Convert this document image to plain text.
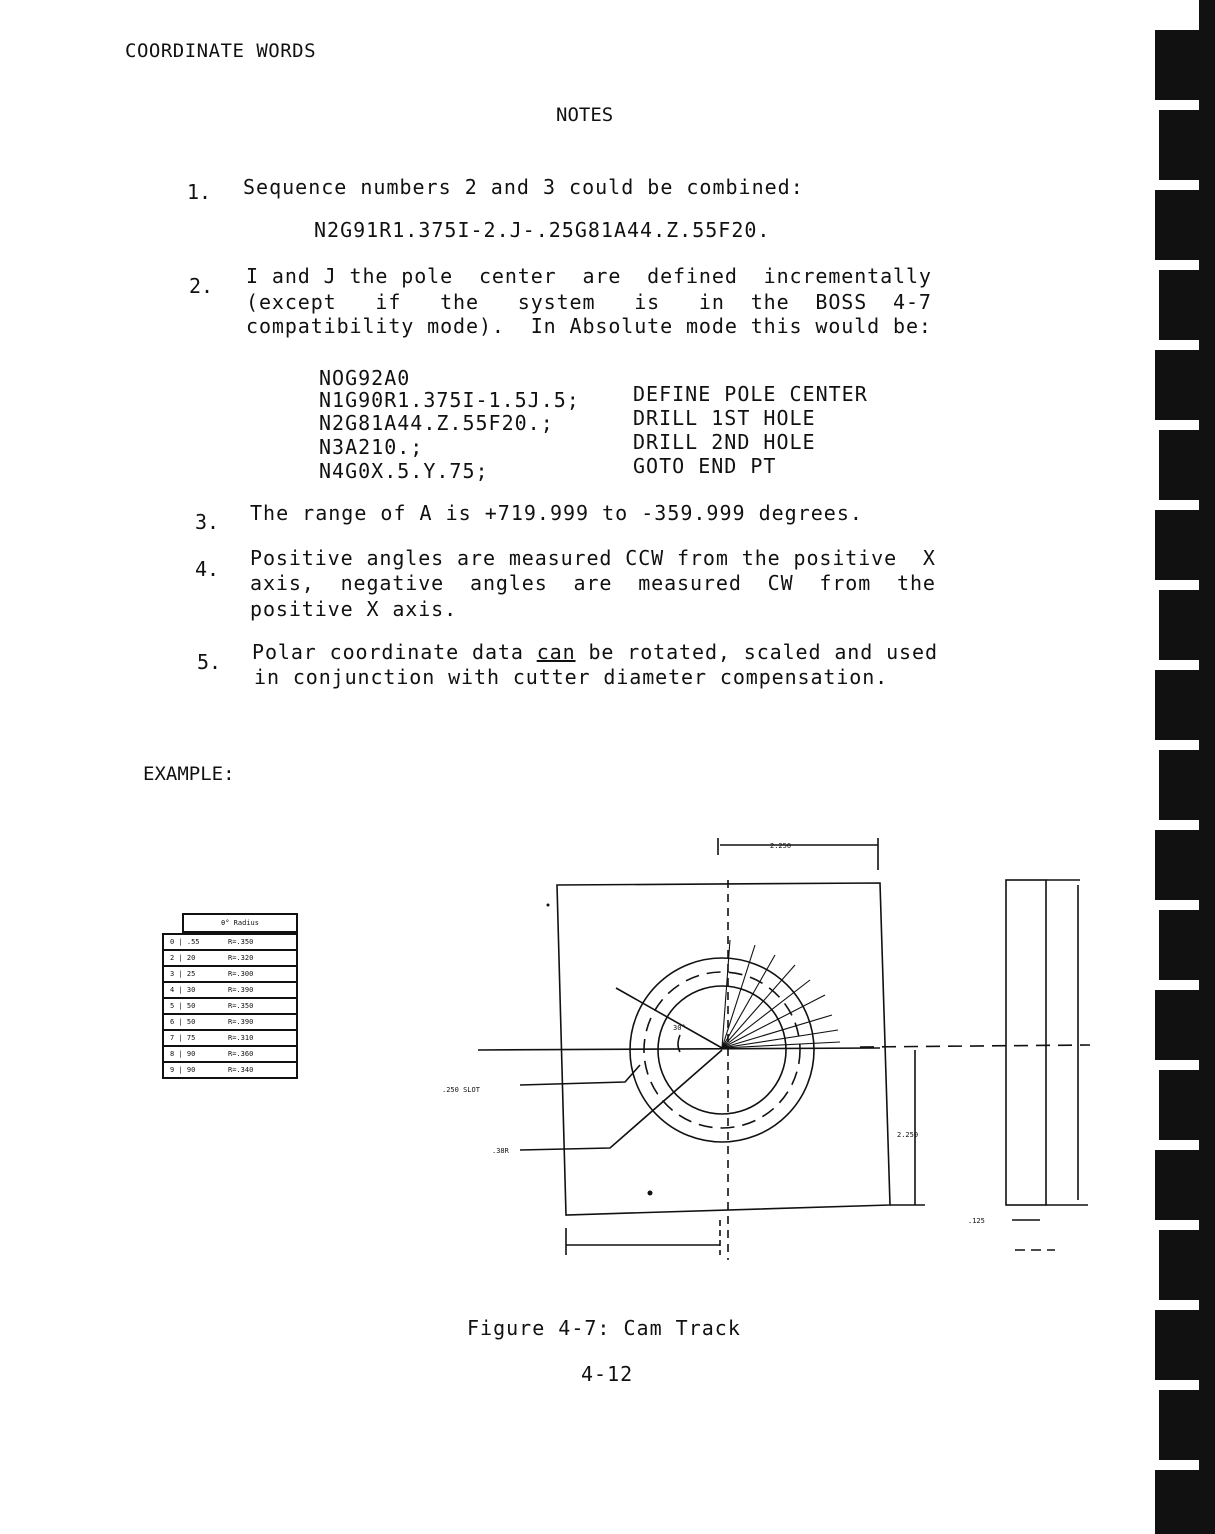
COORDINATE WORDS
NOTES
1. Sequence numbers 2 and 3 could be combined:
N2G91R1.375I-2.J-.25G81A44.Z.55F20.
2. I and J the pole  center  are  defined  incrementally
(except   if   the   system   is   in  the  BOSS  4-7
compatibility mode).  In Absolute mode this would be:
NOG92A0
N1G90R1.375I-1.5J.5;	DEFINE POLE CENTER
N2G81A44.Z.55F20.;	DRILL 1ST HOLE
N3A210.;	DRILL 2ND HOLE
N4G0X.5.Y.75;	GOTO END PT
3. The range of A is +719.999 to -359.999 degrees.
4. Positive angles are measured CCW from the positive  X
axis,  negative  angles  are  measured  CW  from  the
positive X axis.
5. Polar coordinate data can be rotated, scaled and used
in conjunction with cutter diameter compensation.
EXAMPLE:
θ° Radius
0 | .55	R=.350
2 | 20	R=.320
3 | 25	R=.300
4 | 30	R=.390
5 | 50	R=.350
6 | 50	R=.390
7 | 75	R=.310
8 | 90	R=.360
9 | 90	R=.340
30°
.250 SLOT
.38R
2.250
2.250
.125
Figure 4-7: Cam Track
4-12
